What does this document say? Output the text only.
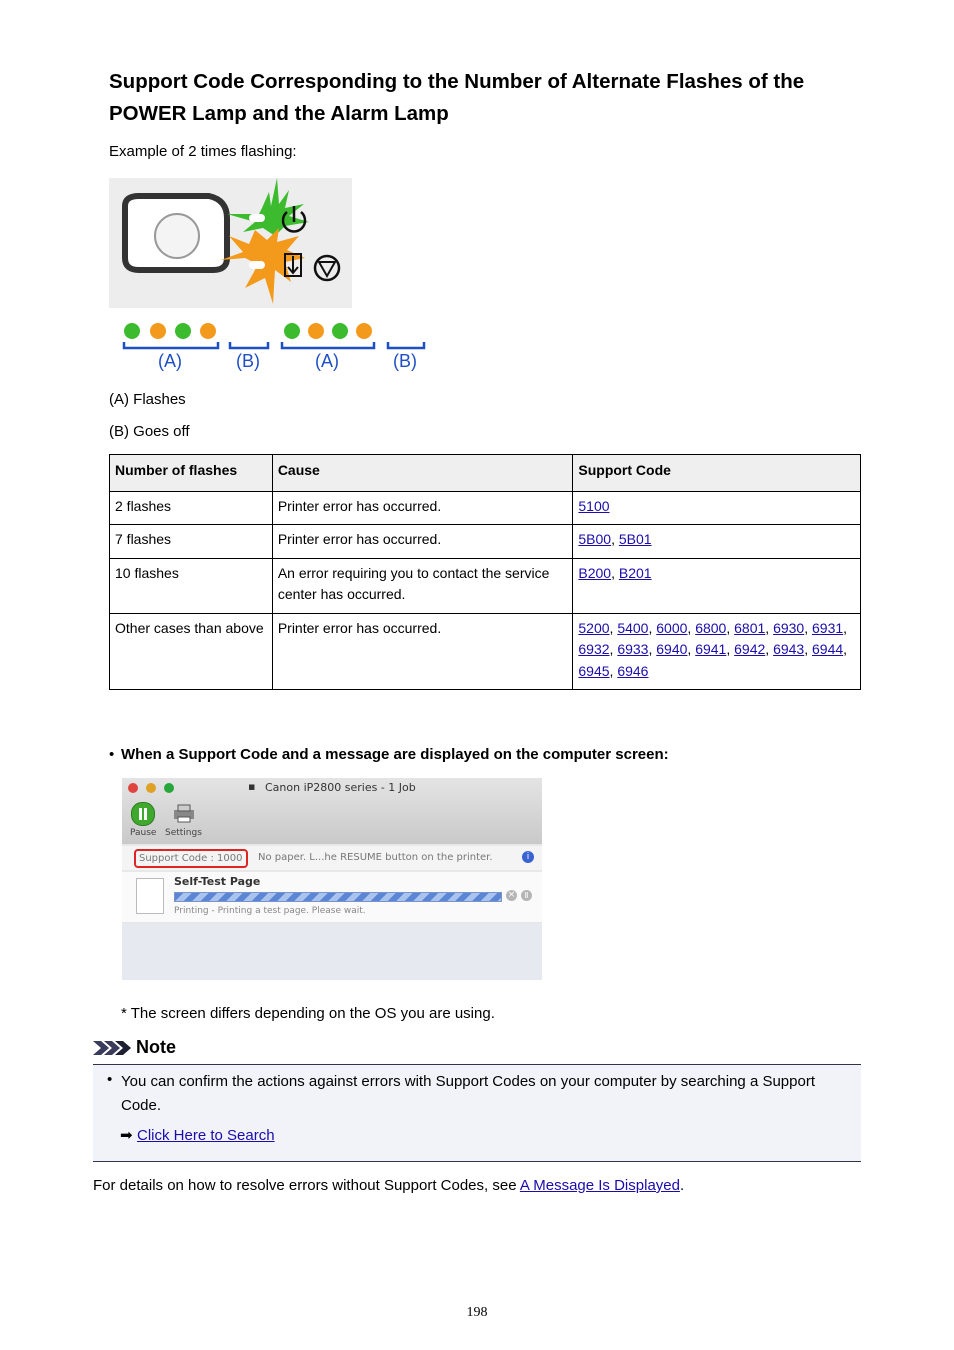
Support Code Corresponding to the Number of Alternate Flashes of the POWER Lamp and the Alarm Lamp
Example of 2 times flashing:
(A)	(B)	(A)	(B)
(A) Flashes
(B) Goes off
Number of flashes	Cause	Support Code
2 flashes	Printer error has occurred.	5100
7 flashes	Printer error has occurred.	5B00, 5B01
10 flashes	An error requiring you to contact the service center has occurred.	B200, B201
Other cases than above	Printer error has occurred.	5200, 5400, 6000, 6800, 6801, 6930, 6931, 6932, 6933, 6940, 6941, 6942, 6943, 6944, 6945, 6946
• When a Support Code and a message are displayed on the computer screen:
▪ Canon iP2800 series - 1 Job
Pause Settings
Support Code : 1000	No paper. L...he RESUME button on the printer.	i
Self-Test Page
×	Ⅱ
Printing - Printing a test page. Please wait.
* The screen differs depending on the OS you are using.
Note
• You can confirm the actions against errors with Support Codes on your computer by searching a Support Code.
➡ Click Here to Search
For details on how to resolve errors without Support Codes, see A Message Is Displayed.
198
